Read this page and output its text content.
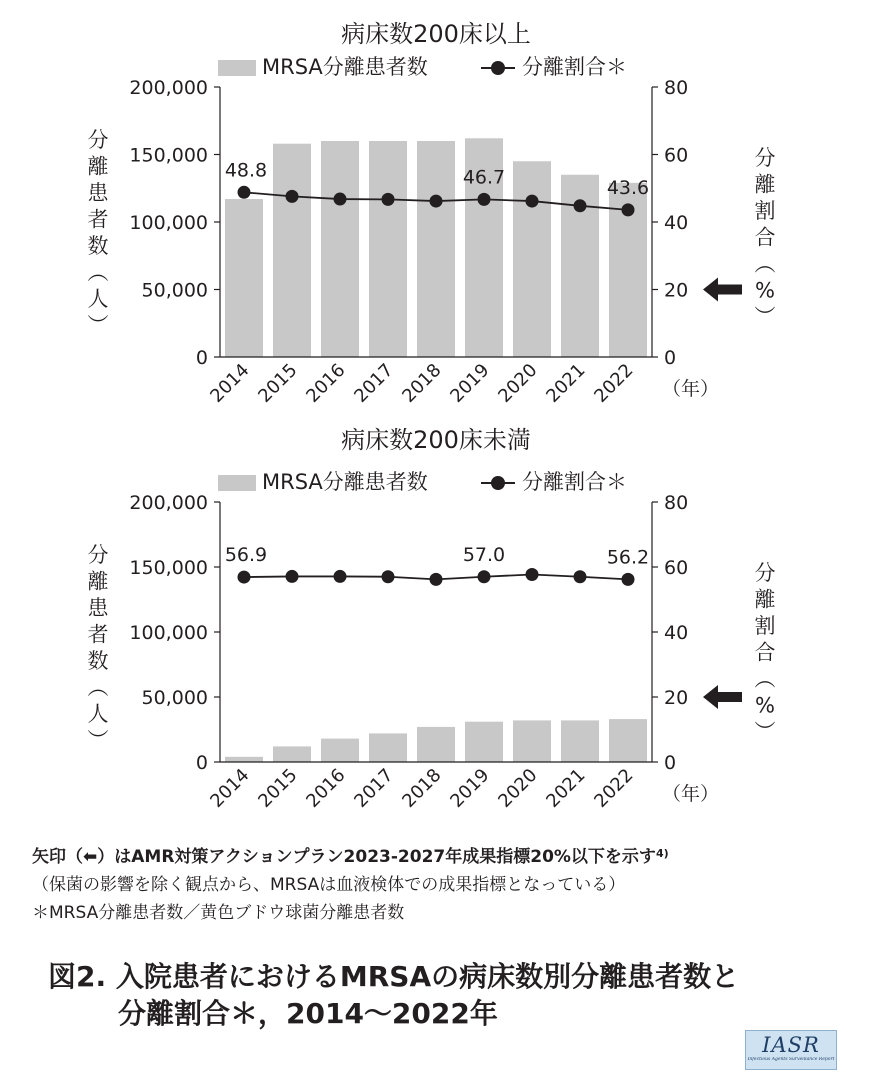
病床数200床以上
MRSA分離患者数	分離割合＊
0
50,000
100,000
150,000
200,000
0
20
40
60
80
2014 2015 2016 2017 2018 2019 2020 2021 2022 （年）
分離患者数︵人︶
分離割合︵ % ︶
48.8	46.7	43.6
病床数200床未満
MRSA分離患者数	分離割合＊
0
50,000
100,000
150,000
200,000
0
20
40
60
80
2014 2015 2016 2017 2018 2019 2020 2021 2022 （年）
分離患者数︵人︶
分離割合︵ % ︶
56.9	57.0	56.2
矢印（⬅）はAMR対策アクションプラン2023-2027年成果指標20%以下を示す$^{4)}$
（保菌の影響を除く観点から、MRSAは血液検体での成果指標となっている）
＊MRSA分離患者数／黄色ブドウ球菌分離患者数
図2. 入院患者におけるMRSAの病床数別分離患者数と
分離割合＊，2014〜2022年
IASR
Infectious Agents Surveillance Report
